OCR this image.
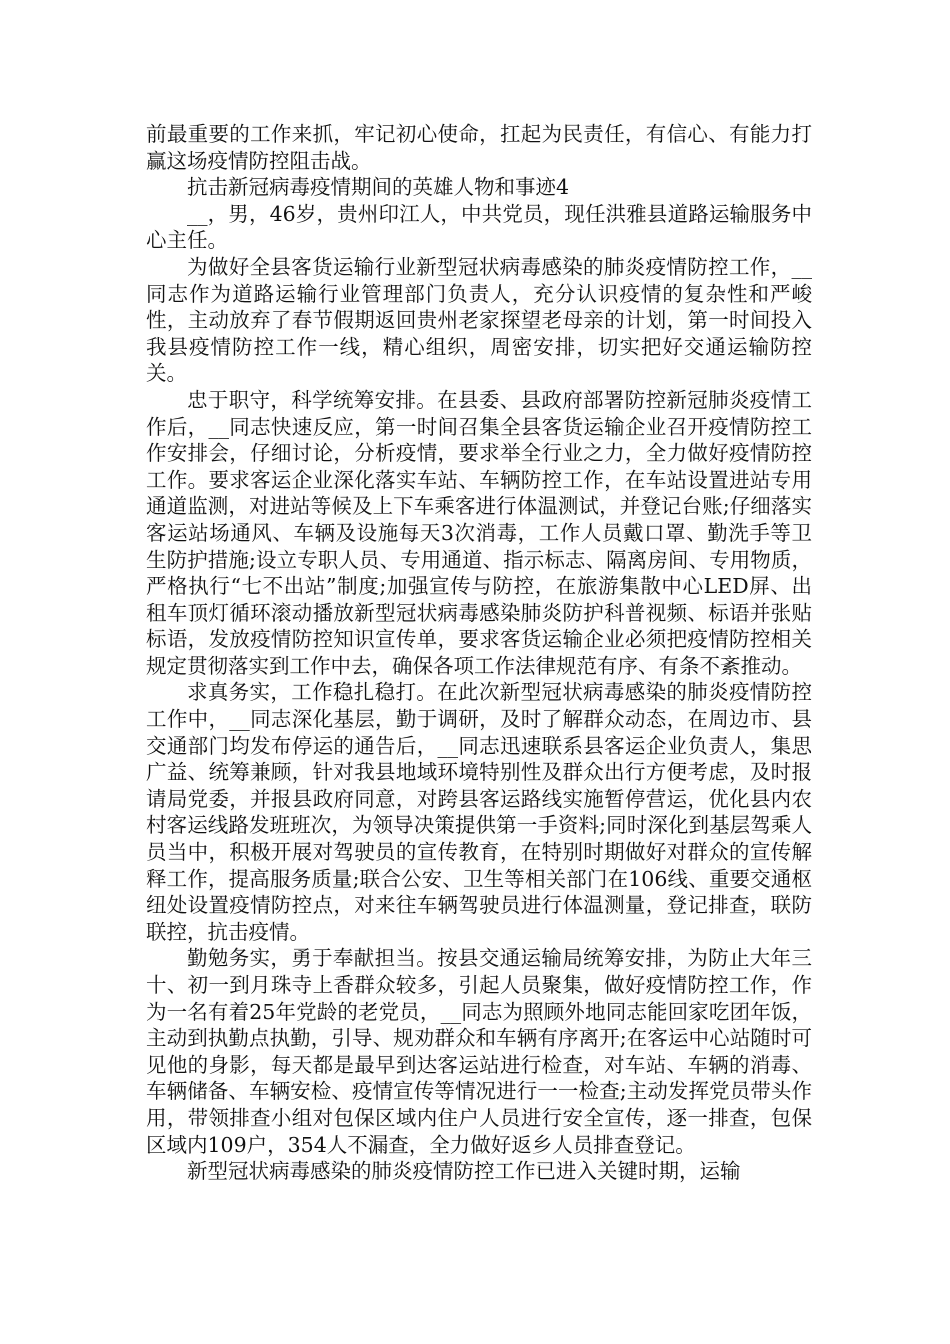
前最重要的工作来抓，牢记初心使命，扛起为民责任，有信心、有能力打赢这场疫情防控阻击战。

抗击新冠病毒疫情期间的英雄人物和事迹4

__，男，46岁，贵州印江人，中共党员，现任洪雅县道路运输服务中心主任。

为做好全县客货运输行业新型冠状病毒感染的肺炎疫情防控工作，__同志作为道路运输行业管理部门负责人，充分认识疫情的复杂性和严峻性，主动放弃了春节假期返回贵州老家探望老母亲的计划，第一时间投入我县疫情防控工作一线，精心组织，周密安排，切实把好交通运输防控关。

忠于职守，科学统筹安排。在县委、县政府部署防控新冠肺炎疫情工作后，__同志快速反应，第一时间召集全县客货运输企业召开疫情防控工作安排会，仔细讨论，分析疫情，要求举全行业之力，全力做好疫情防控工作。要求客运企业深化落实车站、车辆防控工作，在车站设置进站专用通道监测，对进站等候及上下车乘客进行体温测试，并登记台账;仔细落实客运站场通风、车辆及设施每天3次消毒，工作人员戴口罩、勤洗手等卫生防护措施;设立专职人员、专用通道、指示标志、隔离房间、专用物质，严格执行“七不出站”制度;加强宣传与防控，在旅游集散中心LED屏、出租车顶灯循环滚动播放新型冠状病毒感染肺炎防护科普视频、标语并张贴标语，发放疫情防控知识宣传单，要求客货运输企业必须把疫情防控相关规定贯彻落实到工作中去，确保各项工作法律规范有序、有条不紊推动。

求真务实，工作稳扎稳打。在此次新型冠状病毒感染的肺炎疫情防控工作中，__同志深化基层，勤于调研，及时了解群众动态，在周边市、县交通部门均发布停运的通告后，__同志迅速联系县客运企业负责人，集思广益、统筹兼顾，针对我县地域环境特别性及群众出行方便考虑，及时报请局党委，并报县政府同意，对跨县客运路线实施暂停营运，优化县内农村客运线路发班班次，为领导决策提供第一手资料;同时深化到基层驾乘人员当中，积极开展对驾驶员的宣传教育，在特别时期做好对群众的宣传解释工作，提高服务质量;联合公安、卫生等相关部门在106线、重要交通枢纽处设置疫情防控点，对来往车辆驾驶员进行体温测量，登记排查，联防联控，抗击疫情。

勤勉务实，勇于奉献担当。按县交通运输局统筹安排，为防止大年三十、初一到月珠寺上香群众较多，引起人员聚集，做好疫情防控工作，作为一名有着25年党龄的老党员，__同志为照顾外地同志能回家吃团年饭，主动到执勤点执勤，引导、规劝群众和车辆有序离开;在客运中心站随时可见他的身影，每天都是最早到达客运站进行检查，对车站、车辆的消毒、车辆储备、车辆安检、疫情宣传等情况进行一一检查;主动发挥党员带头作用，带领排查小组对包保区域内住户人员进行安全宣传，逐一排查，包保区域内109户，354人不漏查，全力做好返乡人员排查登记。

新型冠状病毒感染的肺炎疫情防控工作已进入关键时期，运输
